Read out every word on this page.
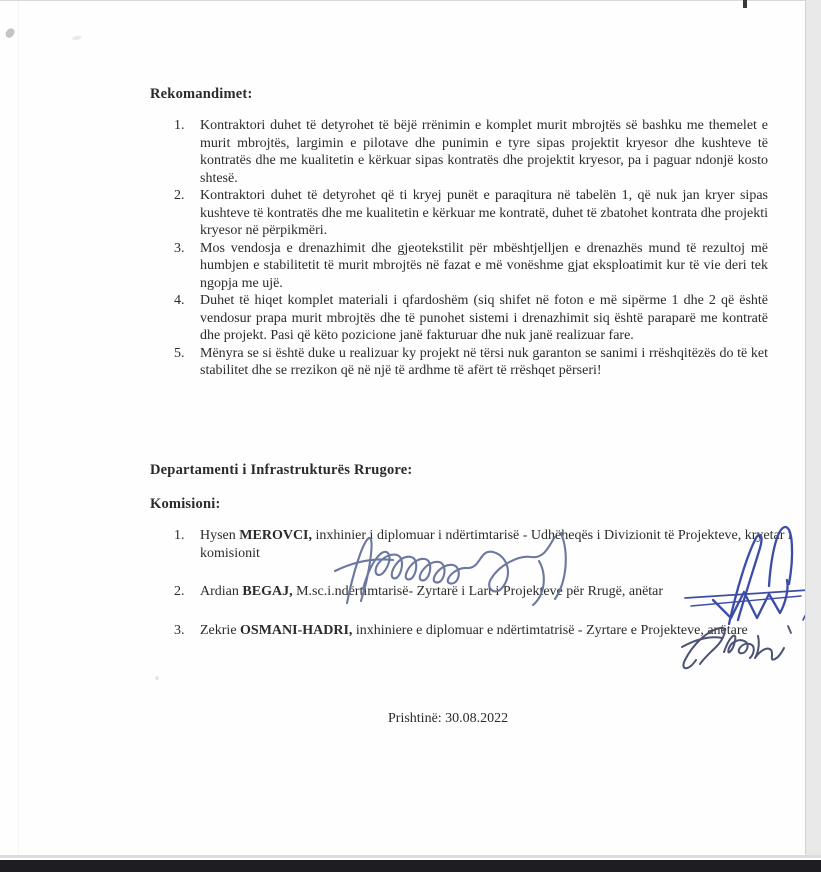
Rekomandimet:
Kontraktori duhet të detyrohet të bëjë rrënimin e komplet murit mbrojtës së bashku me themelet e murit mbrojtës, largimin e pilotave dhe punimin e tyre sipas projektit kryesor dhe kushteve të kontratës dhe me kualitetin e kërkuar sipas kontratës dhe projektit kryesor, pa i paguar ndonjë kosto shtesë.
Kontraktori duhet të detyrohet që ti kryej punët e paraqitura në tabelën 1, që nuk jan kryer sipas kushteve të kontratës dhe me kualitetin e kërkuar me kontratë, duhet të zbatohet kontrata dhe projekti kryesor në përpikmëri.
Mos vendosja e drenazhimit dhe gjeotekstilit për mbështjelljen e drenazhës mund të rezultoj më humbjen e stabilitetit të murit mbrojtës në fazat e më vonëshme gjat eksploatimit kur të vie deri tek ngopja me ujë.
Duhet të hiqet komplet materiali i qfardoshëm (siq shifet në foton e më sipërme 1 dhe 2 që është vendosur prapa murit mbrojtës dhe të punohet sistemi i drenazhimit siq është paraparë me kontratë dhe projekt. Pasi që këto pozicione janë fakturuar dhe nuk janë realizuar fare.
Mënyra se si është duke u realizuar ky projekt në tërsi nuk garanton se sanimi i rrëshqitëzës do të ket stabilitet dhe se rrezikon që në një të ardhme të afërt të rrëshqet përseri!
Departamenti i Infrastrukturës Rrugore:
Komisioni:
Hysen MEROVCI, inxhinier i diplomuar i ndërtimtarisë - Udhëheqës i Divizionit të Projekteve, kryetar i komisionit
Ardian BEGAJ, M.sc.i.ndërtimtarisë- Zyrtarë i Lart i Projekteve për Rrugë, anëtar
Zekrie OSMANI-HADRI, inxhiniere e diplomuar e ndërtimtatrisë - Zyrtare e Projekteve, anëtare
Prishtinë: 30.08.2022
